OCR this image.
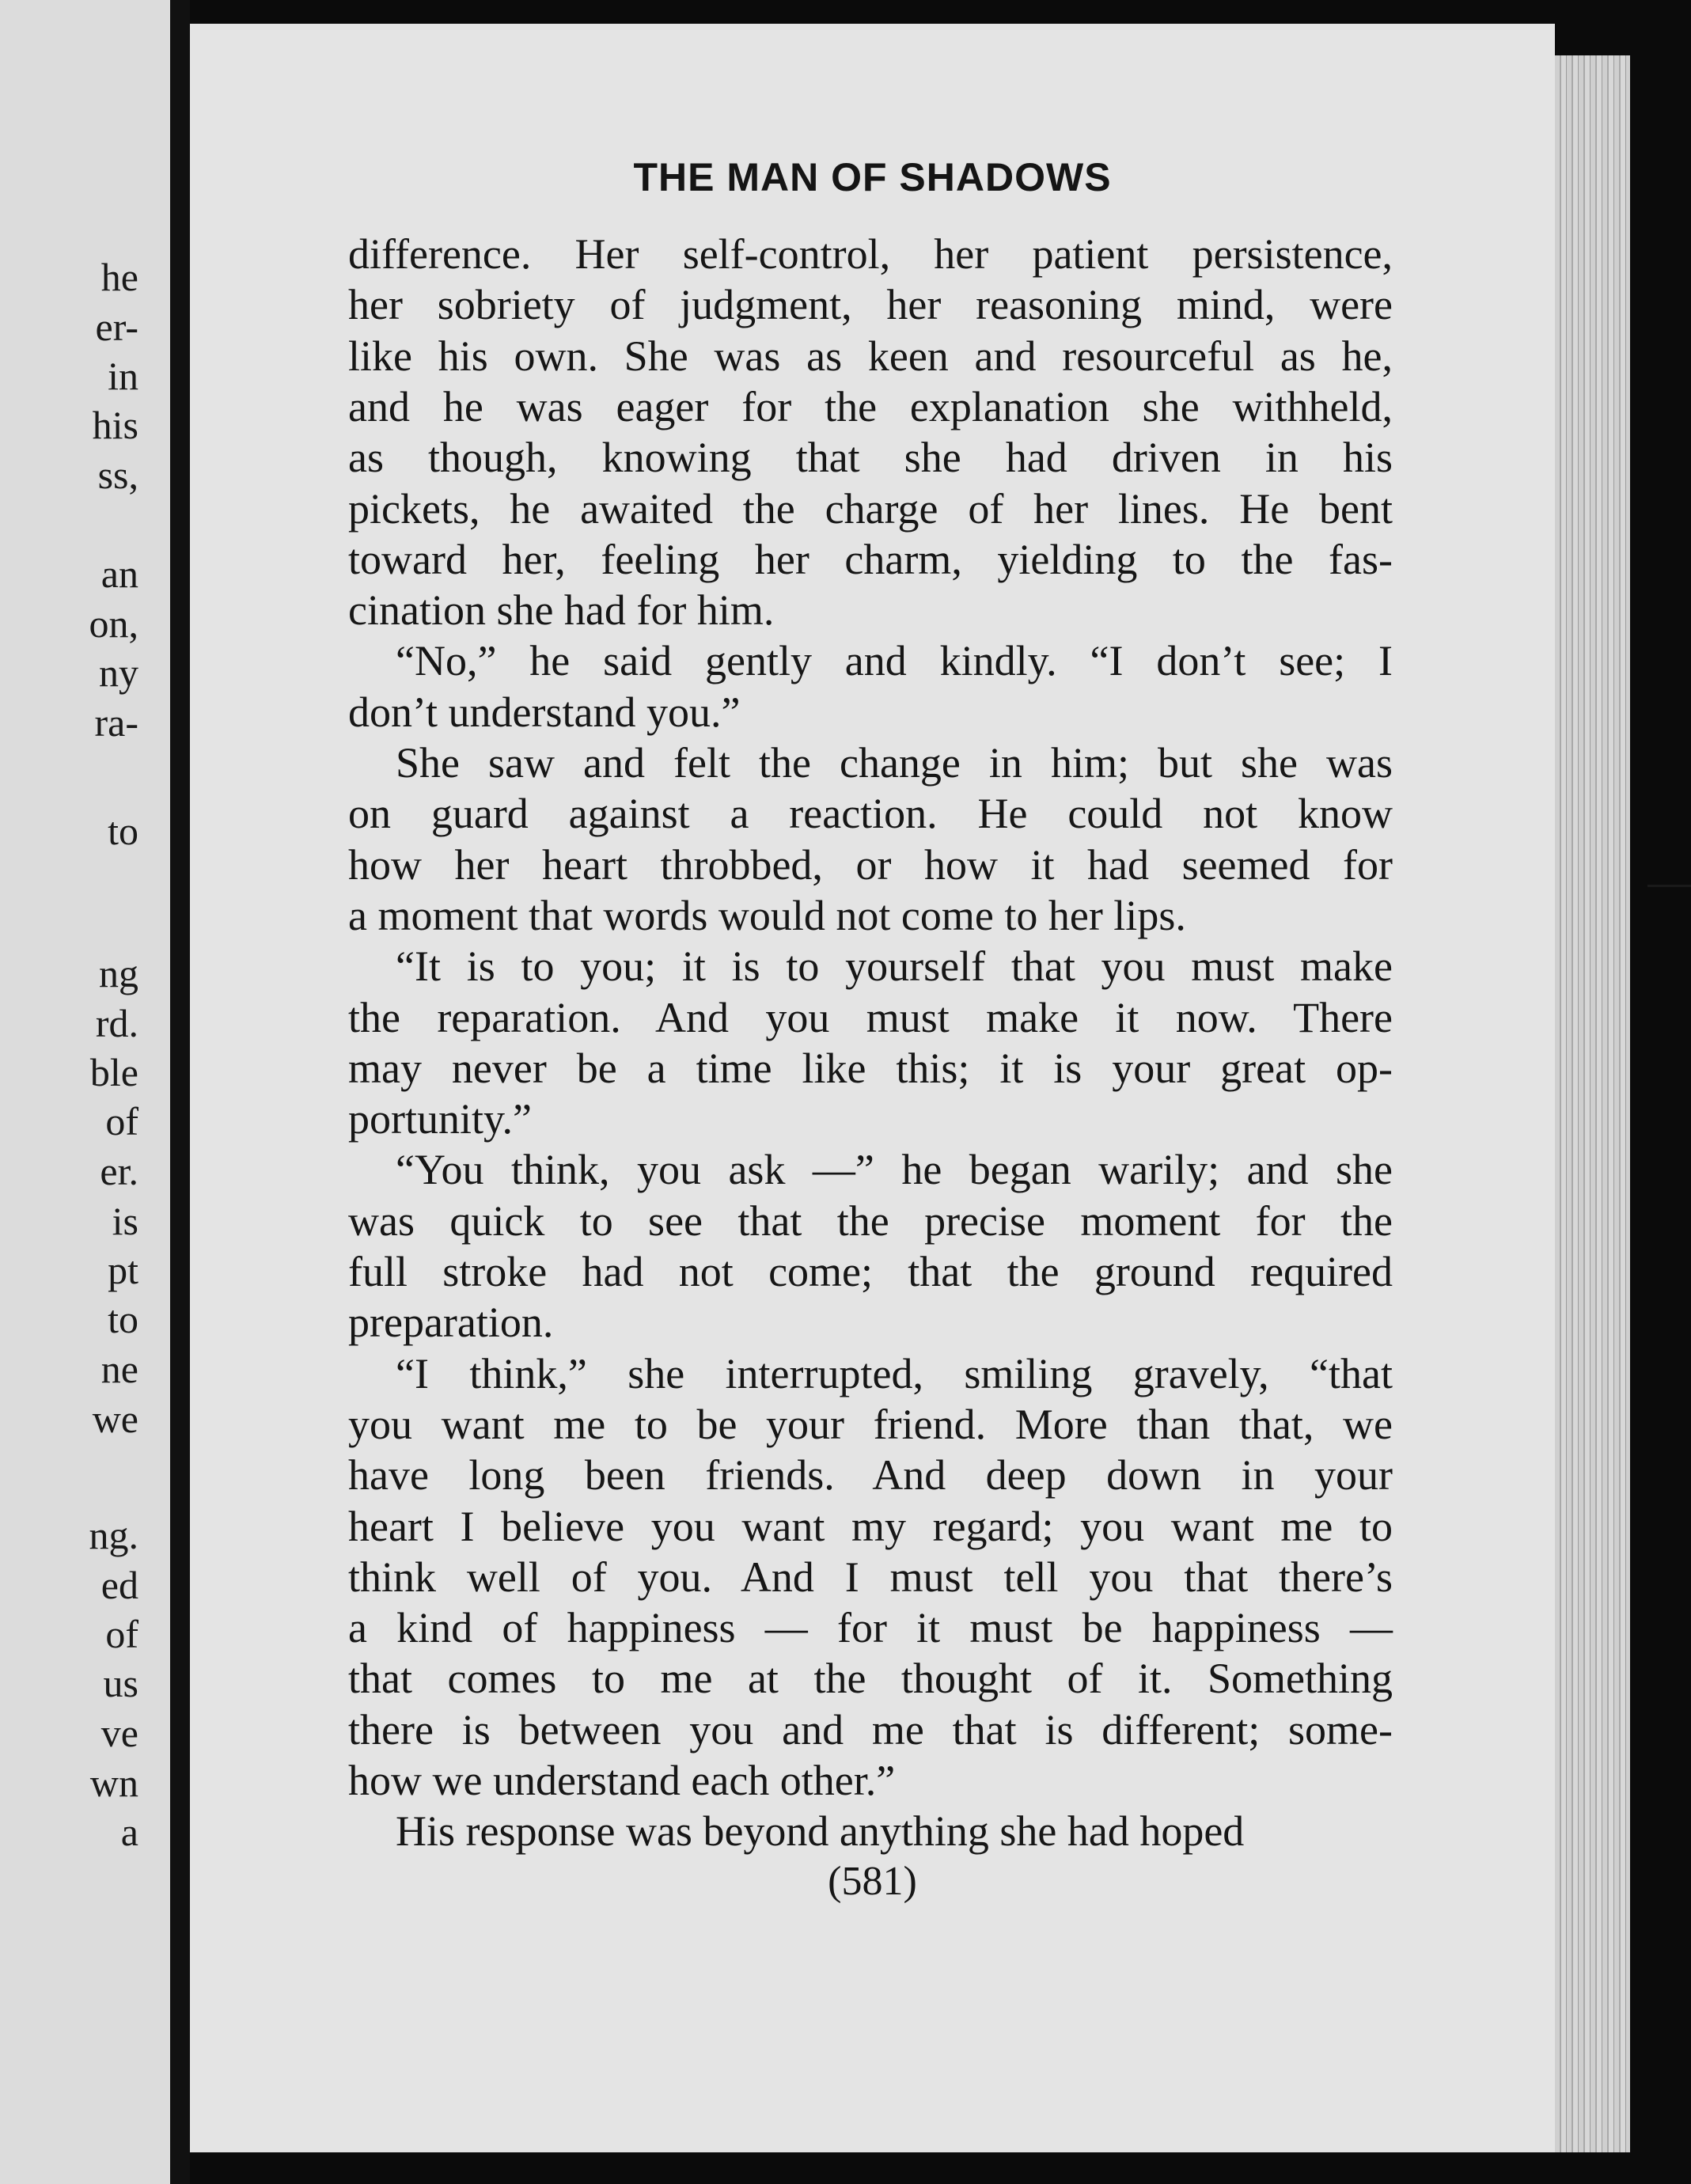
he
er-
in
his
ss,
an
on,
ny
ra-
to
ng
rd.
ble
of
er.
is
pt
to
ne
we
ng.
ed
of
us
ve
wn
a
THE MAN OF SHADOWS

difference. Her self-control, her patient persistence,

her sobriety of judgment, her reasoning mind, were

like his own. She was as keen and resourceful as he,

and he was eager for the explanation she withheld,

as though, knowing that she had driven in his

pickets, he awaited the charge of her lines. He bent

toward her, feeling her charm, yielding to the fas-

cination she had for him.

“No,” he said gently and kindly. “I don’t see; I

don’t understand you.”

She saw and felt the change in him; but she was

on guard against a reaction. He could not know

how her heart throbbed, or how it had seemed for

a moment that words would not come to her lips.

“It is to you; it is to yourself that you must make

the reparation. And you must make it now. There

may never be a time like this; it is your great op-

portunity.”

“You think, you ask —” he began warily; and she

was quick to see that the precise moment for the

full stroke had not come; that the ground required

preparation.

“I think,” she interrupted, smiling gravely, “that

you want me to be your friend. More than that, we

have long been friends. And deep down in your

heart I believe you want my regard; you want me to

think well of you. And I must tell you that there’s

a kind of happiness — for it must be happiness —

that comes to me at the thought of it. Something

there is between you and me that is different; some-

how we understand each other.”

His response was beyond anything she had hoped

(581)
